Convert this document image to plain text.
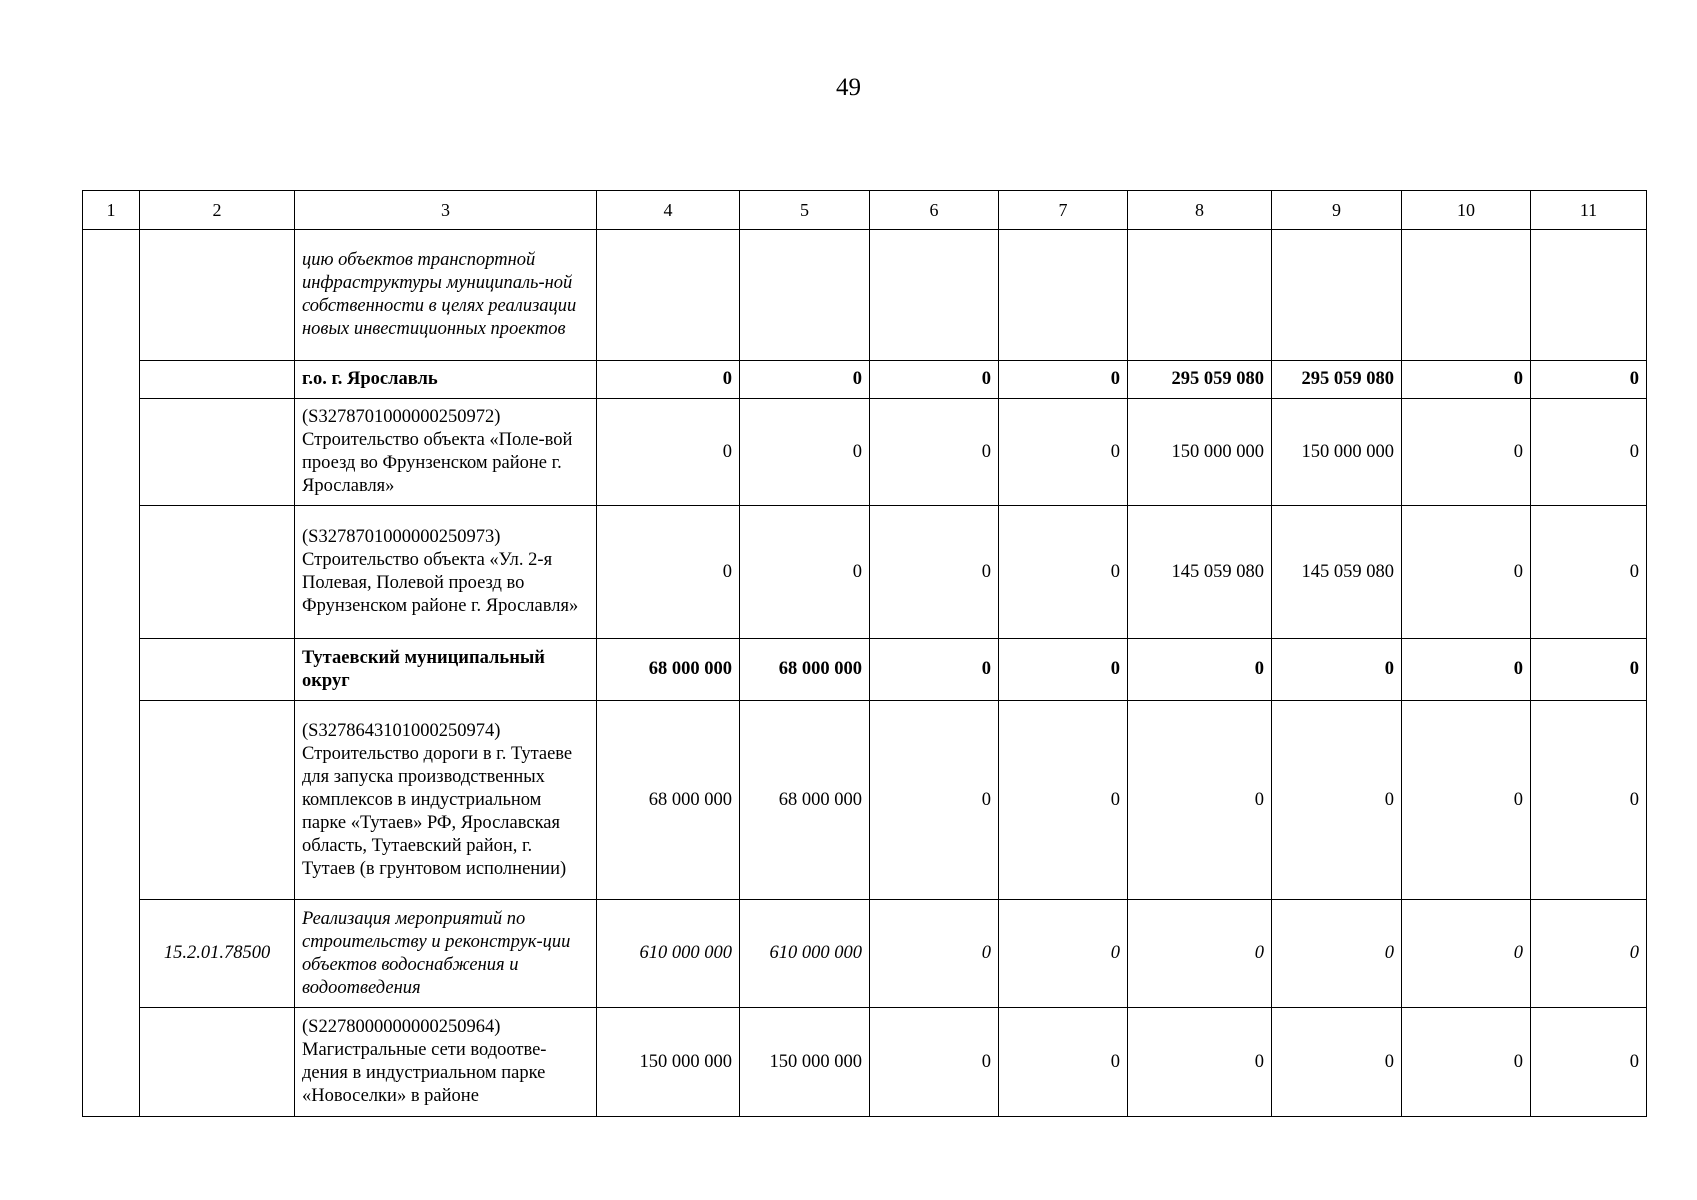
49
1	2	3	4	5	6	7	8	9	10	11
		цию объектов транспортной инфраструктуры муниципаль-ной собственности в целях реализации новых инвестиционных проектов								
		г.о. г. Ярославль	0	0	0	0	295 059 080	295 059 080	0	0
		(S3278701000000250972) Строительство объекта «Поле-вой проезд во Фрунзенском районе г. Ярославля»	0	0	0	0	150 000 000	150 000 000	0	0
		(S3278701000000250973) Строительство объекта «Ул. 2-я Полевая, Полевой проезд во Фрунзенском районе г. Ярославля»	0	0	0	0	145 059 080	145 059 080	0	0
		Тутаевский муниципальный округ	68 000 000	68 000 000	0	0	0	0	0	0
		(S3278643101000250974) Строительство дороги в г. Тутаеве для запуска производственных комплексов в индустриальном парке «Тутаев» РФ, Ярославская область, Тутаевский район, г. Тутаев (в грунтовом исполнении)	68 000 000	68 000 000	0	0	0	0	0	0
	15.2.01.78500	Реализация мероприятий по строительству и реконструк-ции объектов водоснабжения и водоотведения	610 000 000	610 000 000	0	0	0	0	0	0
		(S2278000000000250964) Магистральные сети водоотве-дения в индустриальном парке «Новоселки» в районе	150 000 000	150 000 000	0	0	0	0	0	0
